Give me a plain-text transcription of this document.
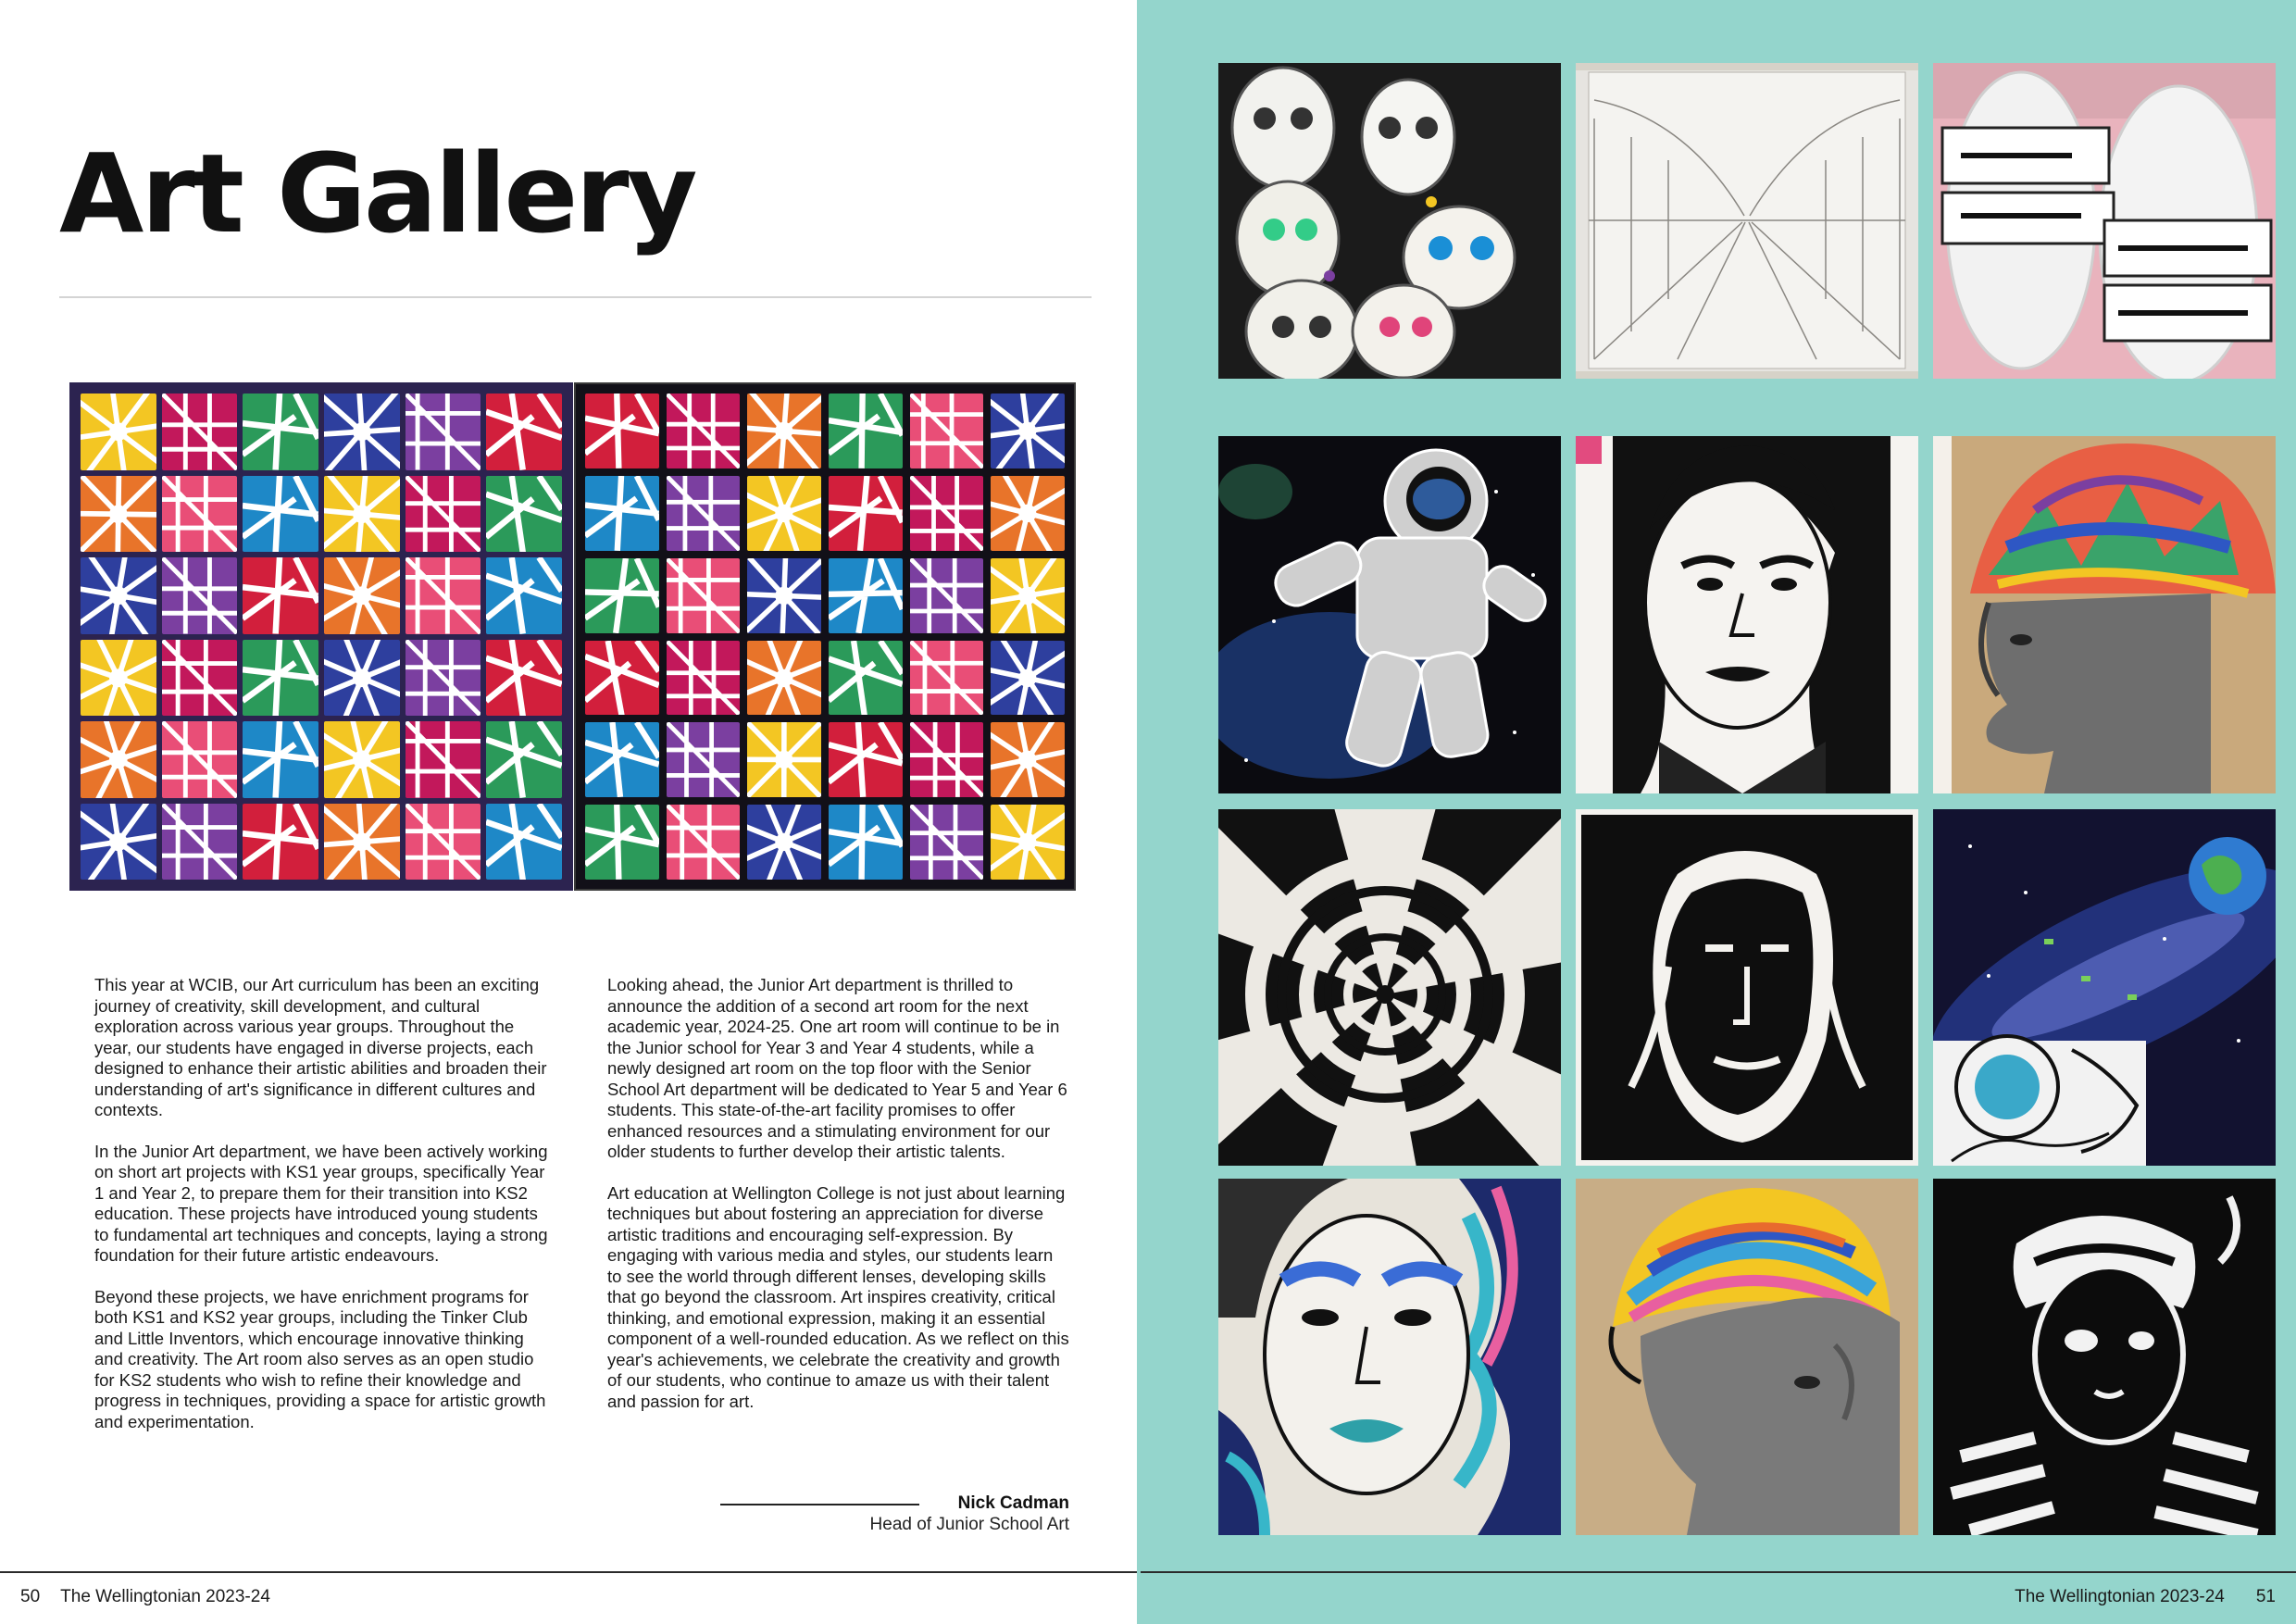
Art Gallery

This year at WCIB, our Art curriculum has been an exciting journey of creativity, skill development, and cultural exploration across various year groups. Throughout the year, our students have engaged in diverse projects, each designed to enhance their artistic abilities and broaden their understanding of art's significance in different cultures and contexts.

In the Junior Art department, we have been actively working on short art projects with KS1 year groups, specifically Year 1 and Year 2, to prepare them for their transition into KS2 education. These projects have introduced young students to fundamental art techniques and concepts, laying a strong foundation for their future artistic endeavours.

Beyond these projects, we have enrichment programs for both KS1 and KS2 year groups, including the Tinker Club and Little Inventors, which encourage innovative thinking and creativity. The Art room also serves as an open studio for KS2 students who wish to refine their knowledge and progress in techniques, providing a space for artistic growth and experimentation.

Looking ahead, the Junior Art department is thrilled to announce the addition of a second art room for the next academic year, 2024-25. One art room will continue to be in the Junior school for Year 3 and Year 4 students, while a newly designed art room on the top floor with the Senior School Art department will be dedicated to Year 5 and Year 6 students. This state-of-the-art facility promises to offer enhanced resources and a stimulating environment for our older students to further develop their artistic talents.

Art education at Wellington College is not just about learning techniques but about fostering an appreciation for diverse artistic traditions and encouraging self-expression. By engaging with various media and styles, our students learn to see the world through different lenses, developing skills that go beyond the classroom. Art inspires creativity, critical thinking, and emotional expression, making it an essential component of a well-rounded education. As we reflect on this year's achievements, we celebrate the creativity and growth of our students, who continue to amaze us with their talent and passion for art.

Nick Cadman
Head of Junior School Art
50 The Wellingtonian 2023-24	The Wellingtonian 2023-24 51
